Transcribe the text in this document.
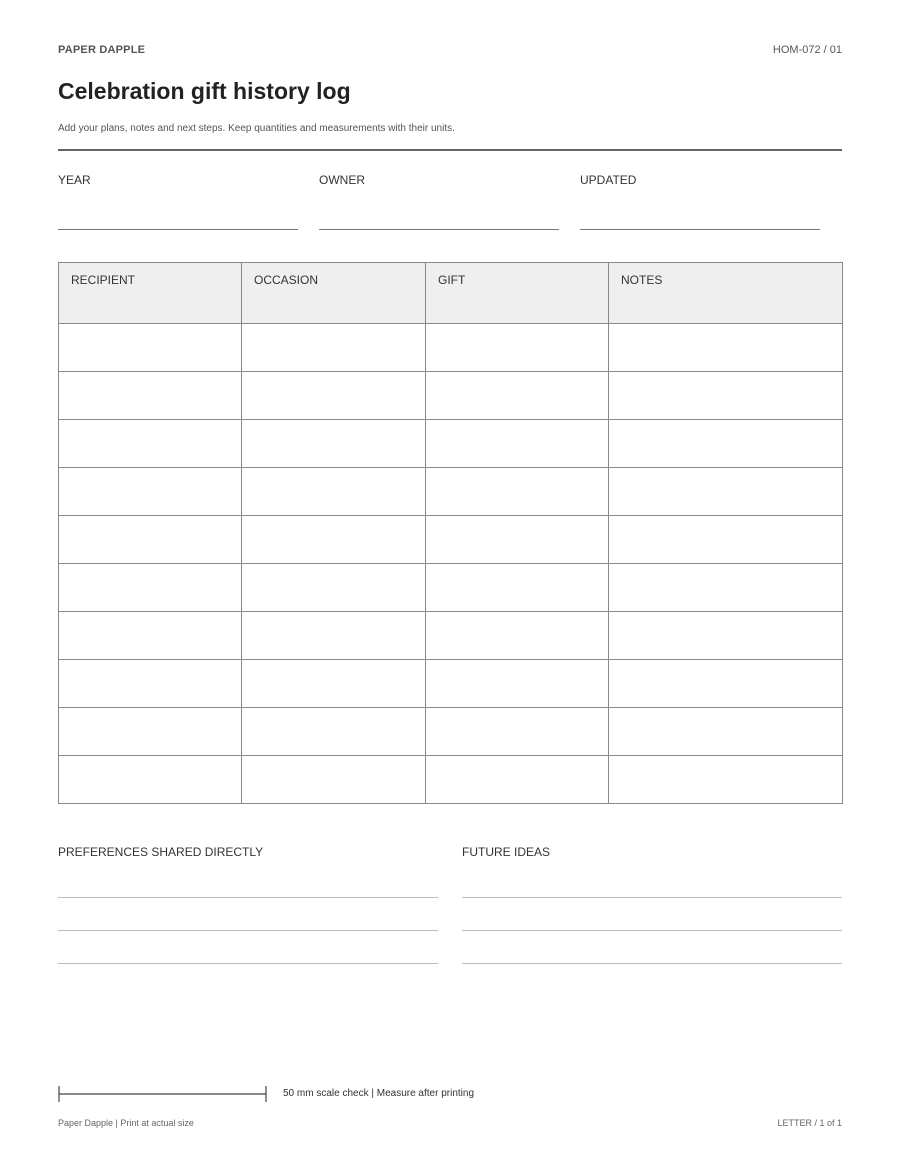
PAPER DAPPLE	HOM-072 / 01
Celebration gift history log
Add your plans, notes and next steps. Keep quantities and measurements with their units.
YEAR	OWNER	UPDATED
RECIPIENT	OCCASION	GIFT	NOTES

PREFERENCES SHARED DIRECTLY	FUTURE IDEAS
50 mm scale check | Measure after printing
Paper Dapple | Print at actual size	LETTER / 1 of 1
